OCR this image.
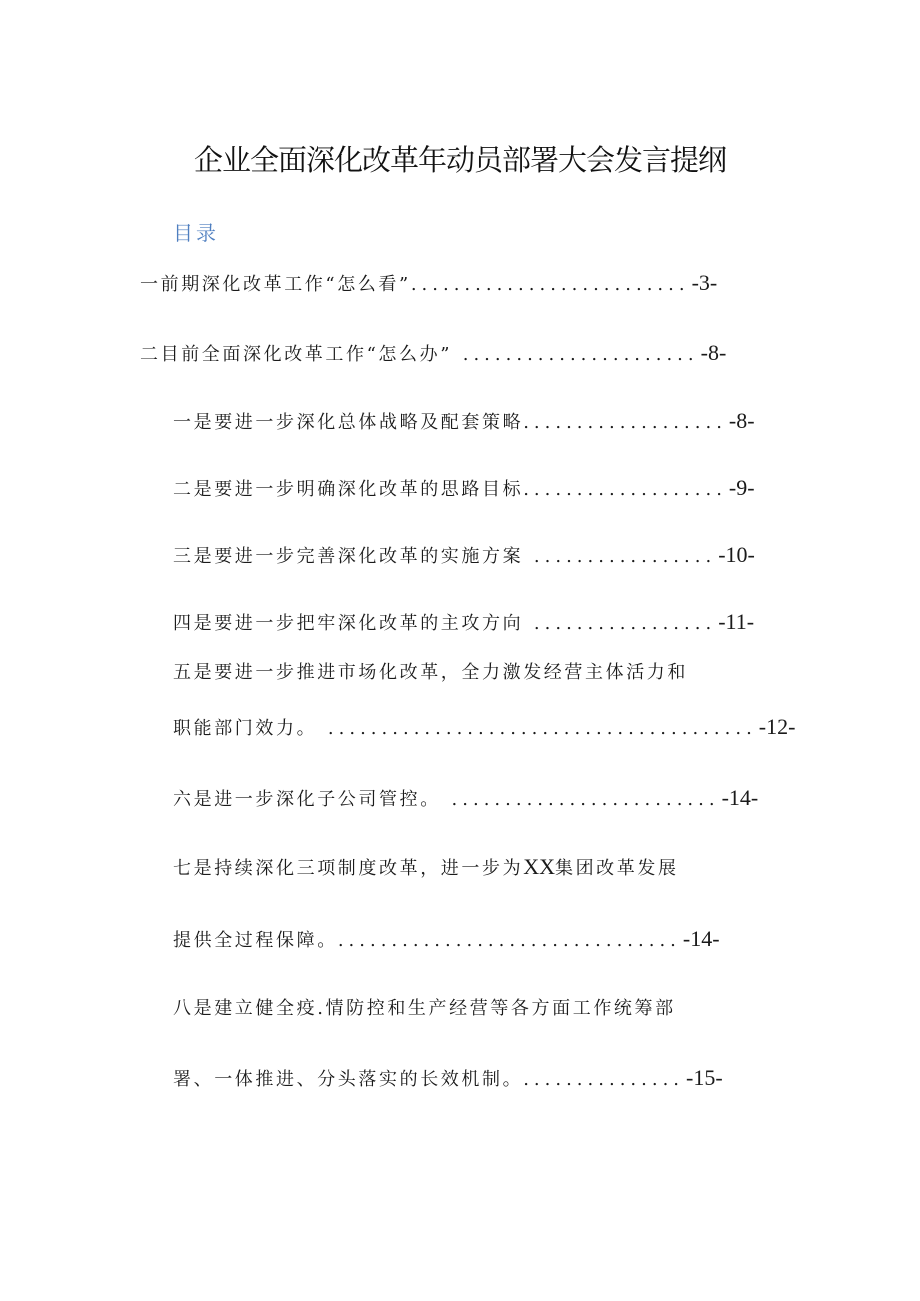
企业全面深化改革年动员部署大会发言提纲
目录
一前期深化改革工作“怎么看”..........................-3-
二目前全面深化改革工作“怎么办” ......................-8-
一是要进一步深化总体战略及配套策略...................-8-
二是要进一步明确深化改革的思路目标...................-9-
三是要进一步完善深化改革的实施方案 .................-10-
四是要进一步把牢深化改革的主攻方向 .................-11-
五是要进一步推进市场化改革，全力激发经营主体活力和
职能部门效力。 ........................................-12-
六是进一步深化子公司管控。 .........................-14-
七是持续深化三项制度改革，进一步为XX集团改革发展
提供全过程保障。................................-14-
八是建立健全疫.情防控和生产经营等各方面工作统筹部
署、一体推进、分头落实的长效机制。...............-15-
